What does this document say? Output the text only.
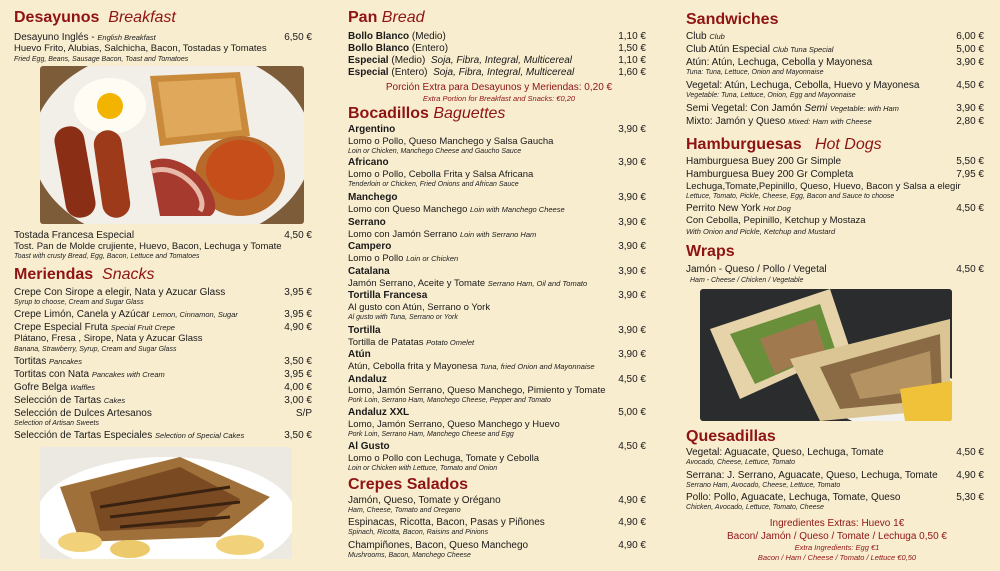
Desayunos Breakfast
Desayuno Inglés - English Breakfast	6,50 €
Huevo Frito, Alubias, Salchicha, Bacon, Tostadas y Tomates
Fried Egg, Beans, Sausage Bacon, Toast and Tomatoes
Tostada Francesa Especial	4,50 €
Tost. Pan de Molde crujiente, Huevo, Bacon, Lechuga y Tomate
Toast with crusty Bread, Egg, Bacon, Lettuce and Tomatoes
Meriendas Snacks
Crepe Con Sirope a elegir, Nata y Azucar Glass	3,95 €
Syrup to choose, Cream and Sugar Glass
Crepe Limón, Canela y Azúcar Lemon, Cinnamon, Sugar	3,95 €
Crepe Especial Fruta Special Fruit Crepe	4,90 €
Plátano, Fresa , Sirope, Nata y Azucar Glass
Banana, Strawberry, Syrup, Cream and Sugar Glass
Tortitas Pancakes	3,50 €
Tortitas con Nata Pancakes with Cream	3,95 €
Gofre Belga Waffles	4,00 €
Selección de Tartas Cakes	3,00 €
Selección de Dulces Artesanos	S/P
Selection of Artisan Sweets
Selección de Tartas Especiales Selection of Special Cakes	3,50 €
Pan Bread
Bollo Blanco (Medio)	1,10 €
Bollo Blanco (Entero)	1,50 €
Especial (Medio) Soja, Fibra, Integral, Multicereal	1,10 €
Especial (Entero) Soja, Fibra, Integral, Multicereal	1,60 €
Porción Extra para Desayunos y Meriendas: 0,20 €
Extra Portion for Breakfast and Snacks: €0,20
Bocadillos Baguettes
Argentino	3,90 €
Lomo o Pollo, Queso Manchego y Salsa Gaucha
Loin or Chicken, Manchego Cheese and Gaucho Sauce
Africano	3,90 €
Lomo o Pollo, Cebolla Frita y Salsa Africana
Tenderloin or Chicken, Fried Onions and African Sauce
Manchego	3,90 €
Lomo con Queso Manchego Loin with Manchego Cheese
Serrano	3,90 €
Lomo con Jamón Serrano Loin with Serrano Ham
Campero	3,90 €
Lomo o Pollo Loin or Chicken
Catalana	3,90 €
Jamón Serrano, Aceite y Tomate Serrano Ham, Oil and Tomato
Tortilla Francesa	3,90 €
Al gusto con Atún, Serrano o York
Al gusto with Tuna, Serrano or York
Tortilla	3,90 €
Tortilla de Patatas Potato Omelet
Atún	3,90 €
Atún, Cebolla frita y Mayonesa Tuna, fried Onion and Mayonnaise
Andaluz	4,50 €
Lomo, Jamón Serrano, Queso Manchego, Pimiento y Tomate
Pork Loin, Serrano Ham, Manchego Cheese, Pepper and Tomato
Andaluz XXL	5,00 €
Lomo, Jamón Serrano, Queso Manchego y Huevo
Pork Loin, Serrano Ham, Manchego Cheese and Egg
Al Gusto	4,50 €
Lomo o Pollo con Lechuga, Tomate y Cebolla
Loin or Chicken with Lettuce, Tomato and Onion
Crepes Salados
Jamón, Queso, Tomate y Orégano	4,90 €
Ham, Cheese, Tomato and Oregano
Espinacas, Ricotta, Bacon, Pasas y Piñones	4,90 €
Spinach, Ricotta, Bacon, Raisins and Pinions
Champiñones, Bacon, Queso Manchego	4,90 €
Mushrooms, Bacon, Manchego Cheese
Sandwiches
Club Club	6,00 €
Club Atún Especial Club Tuna Special	5,00 €
Atún: Atún, Lechuga, Cebolla y Mayonesa	3,90 €
Tuna: Tuna, Lettuce, Onion and Mayonnaise
Vegetal: Atún, Lechuga, Cebolla, Huevo y Mayonesa	4,50 €
Vegetable: Tuna, Lettuce, Onion, Egg and Mayonnaise
Semi Vegetal: Con Jamón Semi Vegetable: with Ham	3,90 €
Mixto: Jamón y Queso Mixed: Ham with Cheese	2,80 €
Hamburguesas Hot Dogs
Hamburguesa Buey 200 Gr Simple	5,50 €
Hamburguesa Buey 200 Gr Completa	7,95 €
Lechuga,Tomate,Pepinillo, Queso, Huevo, Bacon y Salsa a elegir
Lettuce, Tomato, Pickle, Cheese, Egg, Bacon and Sauce to choose
Perrito New York Hot Dog	4,50 €
Con Cebolla, Pepinillo, Ketchup y Mostaza
With Onion and Pickle, Ketchup and Mustard
Wraps
Jamón - Queso / Pollo / Vegetal	4,50 €
Ham - Cheese / Chicken / Vegetable
Quesadillas
Vegetal: Aguacate, Queso, Lechuga, Tomate	4,50 €
Avocado, Cheese, Lettuce, Tomato
Serrana: J. Serrano, Aguacate, Queso, Lechuga, Tomate 4,90 €
Serrano Ham, Avocado, Cheese, Lettuce, Tomato
Pollo: Pollo, Aguacate, Lechuga, Tomate, Queso	5,30 €
Chicken, Avocado, Lettuce, Tomato, Cheese
Ingredientes Extras: Huevo 1€
Bacon/ Jamón / Queso / Tomate / Lechuga 0,50 €
Extra Ingredients: Egg €1
Bacon / Ham / Cheese / Tomato / Lettuce €0,50
